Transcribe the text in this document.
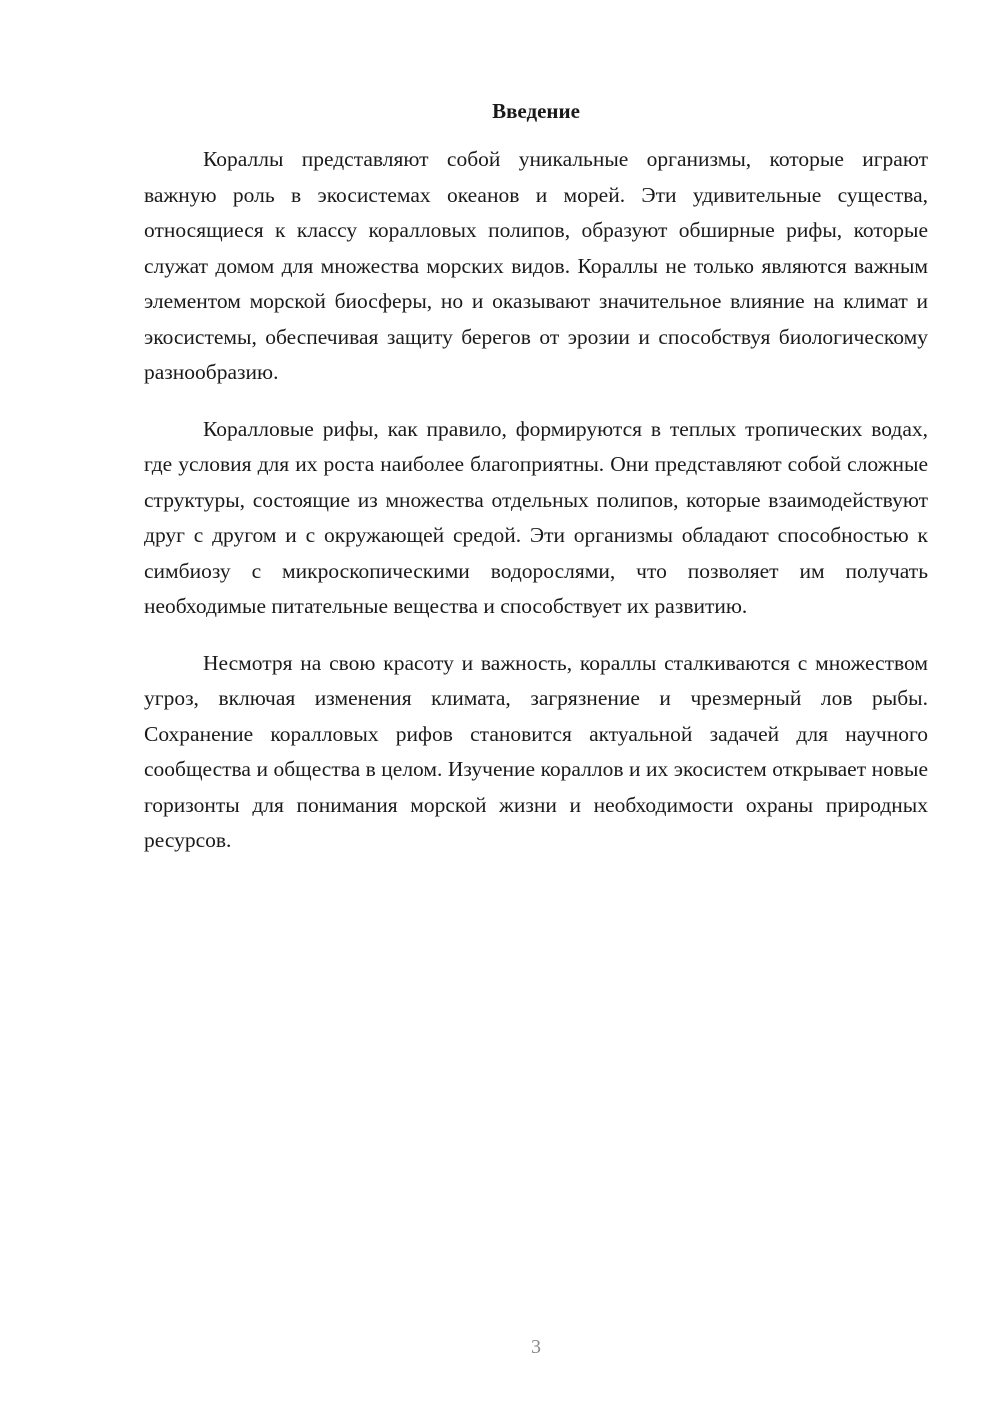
Введение

Кораллы представляют собой уникальные организмы, которые играют важную роль в экосистемах океанов и морей. Эти удивительные существа, относящиеся к классу коралловых полипов, образуют обширные рифы, которые служат домом для множества морских видов. Кораллы не только являются важным элементом морской биосферы, но и оказывают значительное влияние на климат и экосистемы, обеспечивая защиту берегов от эрозии и способствуя биологическому разнообразию.

Коралловые рифы, как правило, формируются в теплых тропических водах, где условия для их роста наиболее благоприятны. Они представляют собой сложные структуры, состоящие из множества отдельных полипов, которые взаимодействуют друг с другом и с окружающей средой. Эти организмы обладают способностью к симбиозу с микроскопическими водорослями, что позволяет им получать необходимые питательные вещества и способствует их развитию.

Несмотря на свою красоту и важность, кораллы сталкиваются с множеством угроз, включая изменения климата, загрязнение и чрезмерный лов рыбы. Сохранение коралловых рифов становится актуальной задачей для научного сообщества и общества в целом. Изучение кораллов и их экосистем открывает новые горизонты для понимания морской жизни и необходимости охраны природных ресурсов.

3
